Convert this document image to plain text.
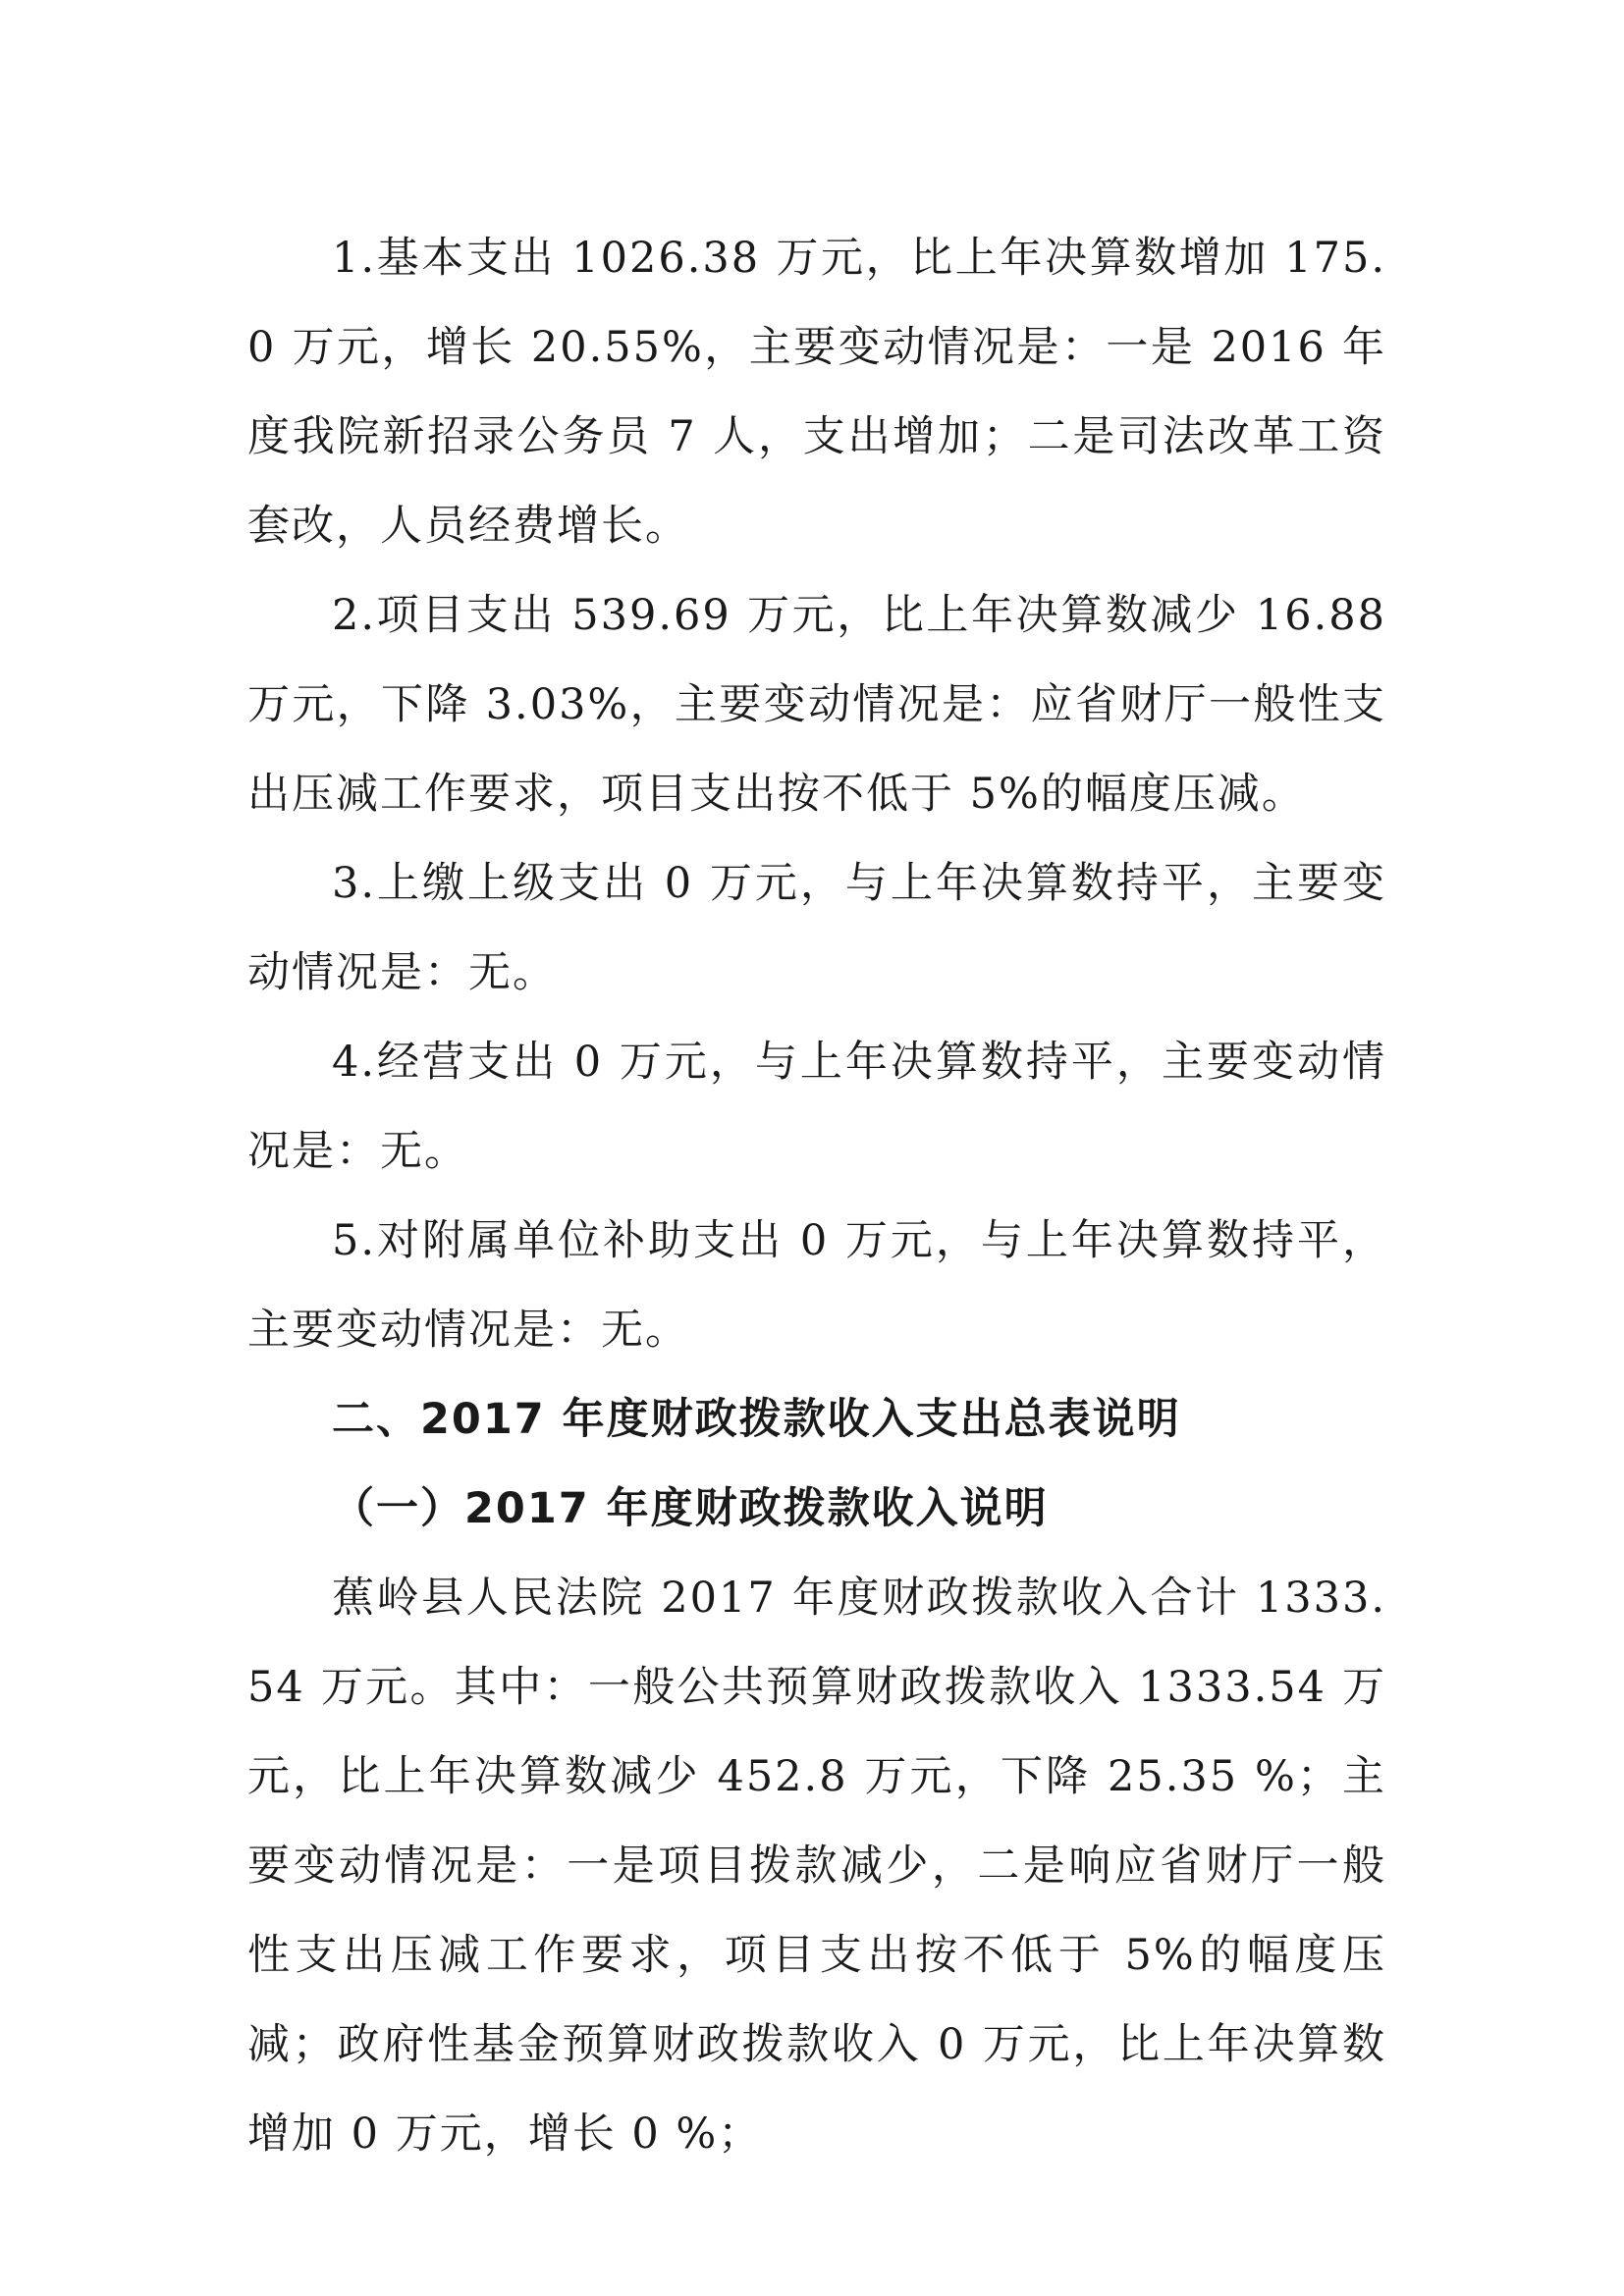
1.基本支出 1026.38 万元，比上年决算数增加 175.0 万元，增长 20.55%，主要变动情况是：一是 2016 年度我院新招录公务员 7 人，支出增加；二是司法改革工资套改，人员经费增长。

2.项目支出 539.69 万元，比上年决算数减少 16.88 万元，下降 3.03%，主要变动情况是：应省财厅一般性支出压减工作要求，项目支出按不低于 5%的幅度压减。

3.上缴上级支出 0 万元，与上年决算数持平，主要变动情况是：无。

4.经营支出 0 万元，与上年决算数持平，主要变动情况是：无。

5.对附属单位补助支出 0 万元，与上年决算数持平，主要变动情况是：无。

二、2017 年度财政拨款收入支出总表说明

（一）2017 年度财政拨款收入说明

蕉岭县人民法院 2017 年度财政拨款收入合计 1333.54 万元。其中：一般公共预算财政拨款收入 1333.54 万元，比上年决算数减少 452.8 万元，下降 25.35 %；主要变动情况是：一是项目拨款减少，二是响应省财厅一般性支出压减工作要求，项目支出按不低于 5%的幅度压减；政府性基金预算财政拨款收入 0 万元，比上年决算数增加 0 万元，增长 0 %；
